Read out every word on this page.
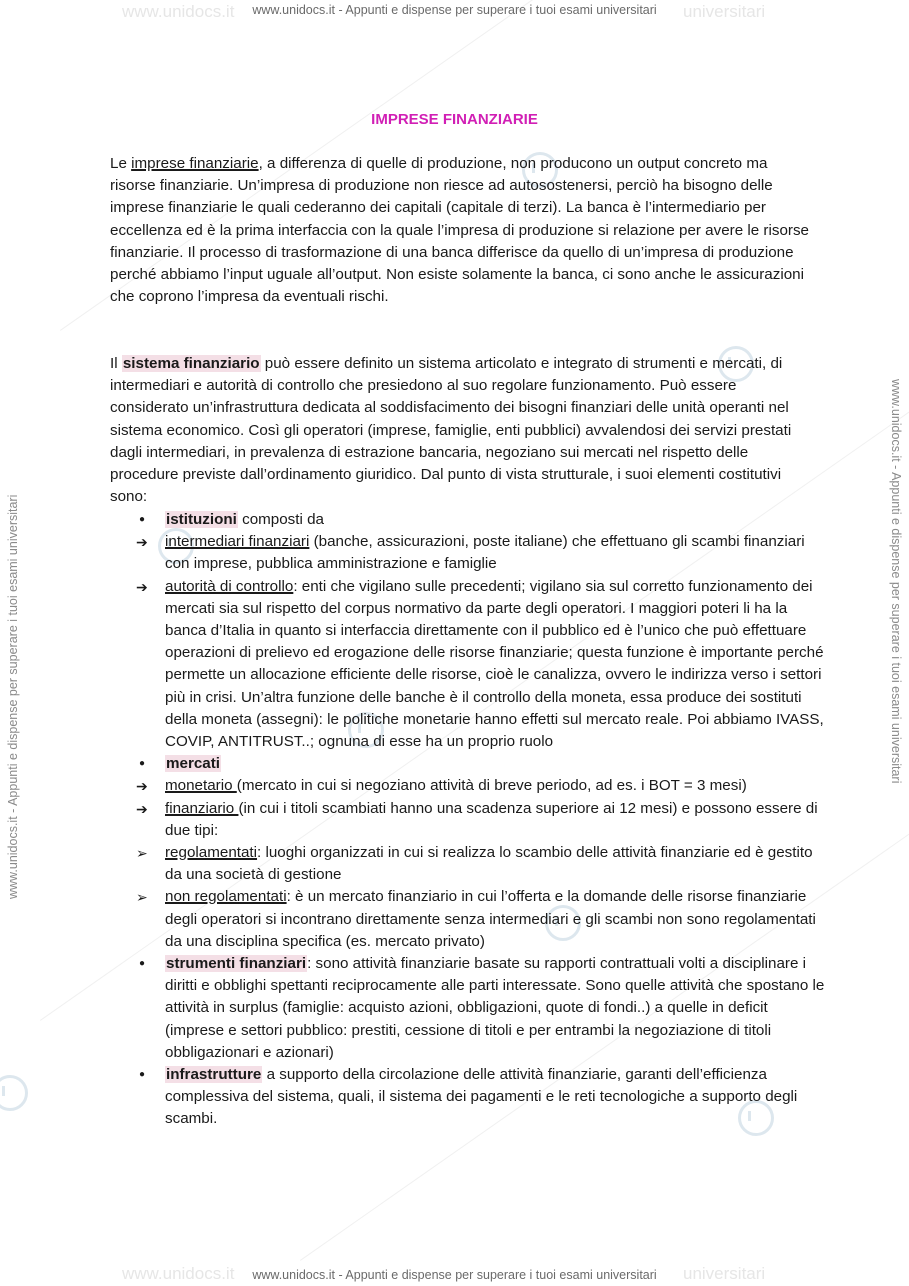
www.unidocs.it	universitari
www.unidocs.it	universitari
www.unidocs.it - Appunti e dispense per superare i tuoi esami universitari
www.unidocs.it - Appunti e dispense per superare i tuoi esami universitari
www.unidocs.it - Appunti e dispense per superare i tuoi esami universitari	www.unidocs.it - Appunti e dispense per superare i tuoi esami universitari
IMPRESE FINANZIARIE

Le imprese finanziarie, a differenza di quelle di produzione, non producono un output concreto ma risorse finanziarie. Un’impresa di produzione non riesce ad autosostenersi, perciò ha bisogno delle imprese finanziarie le quali cederanno dei capitali (capitale di terzi). La banca è l’intermediario per eccellenza ed è la prima interfaccia con la quale l’impresa di produzione si relazione per avere le risorse finanziarie. Il processo di trasformazione di una banca differisce da quello di un’impresa di produzione perché abbiamo l’input uguale all’output. Non esiste solamente la banca, ci sono anche le assicurazioni che coprono l’impresa da eventuali rischi.

Il sistema finanziario può essere definito un sistema articolato e integrato di strumenti e mercati, di intermediari e autorità di controllo che presiedono al suo regolare funzionamento. Può essere considerato un’infrastruttura dedicata al soddisfacimento dei bisogni finanziari delle unità operanti nel sistema economico. Così gli operatori (imprese, famiglie, enti pubblici) avvalendosi dei servizi prestati dagli intermediari, in prevalenza di estrazione bancaria, negoziano sui mercati nel rispetto delle procedure previste dall’ordinamento giuridico. Dal punto di vista strutturale, i suoi elementi costitutivi sono:

●
istituzioni composti da
➔
intermediari finanziari (banche, assicurazioni, poste italiane) che effettuano gli scambi finanziari con imprese, pubblica amministrazione e famiglie
➔
autorità di controllo: enti che vigilano sulle precedenti; vigilano sia sul corretto funzionamento dei mercati sia sul rispetto del corpus normativo da parte degli operatori. I maggiori poteri li ha la banca d’Italia in quanto si interfaccia direttamente con il pubblico ed è l’unico che può effettuare operazioni di prelievo ed erogazione delle risorse finanziarie; questa funzione è importante perché permette un allocazione efficiente delle risorse, cioè le canalizza, ovvero le indirizza verso i settori più in crisi. Un’altra funzione delle banche è il controllo della moneta, essa produce dei sostituti della moneta (assegni): le politiche monetarie hanno effetti sul mercato reale. Poi abbiamo IVASS, COVIP, ANTITRUST..; ognuna di esse ha un proprio ruolo
●
mercati
➔
monetario (mercato in cui si negoziano attività di breve periodo, ad es. i BOT = 3 mesi)
➔
finanziario (in cui i titoli scambiati hanno una scadenza superiore ai 12 mesi) e possono essere di due tipi:
➢
regolamentati: luoghi organizzati in cui si realizza lo scambio delle attività finanziarie ed è gestito da una società di gestione
➢
non regolamentati: è un mercato finanziario in cui l’offerta e la domande delle risorse finanziarie degli operatori si incontrano direttamente senza intermediari e gli scambi non sono regolamentati da una disciplina specifica (es. mercato privato)
●
strumenti finanziari: sono attività finanziarie basate su rapporti contrattuali volti a disciplinare i diritti e obblighi spettanti reciprocamente alle parti interessate. Sono quelle attività che spostano le attività in surplus (famiglie: acquisto azioni, obbligazioni, quote di fondi..) a quelle in deficit (imprese e settori pubblico: prestiti, cessione di titoli e per entrambi la negoziazione di titoli obbligazionari e azionari)
●
infrastrutture a supporto della circolazione delle attività finanziarie, garanti dell’efficienza complessiva del sistema, quali, il sistema dei pagamenti e le reti tecnologiche a supporto degli scambi.
